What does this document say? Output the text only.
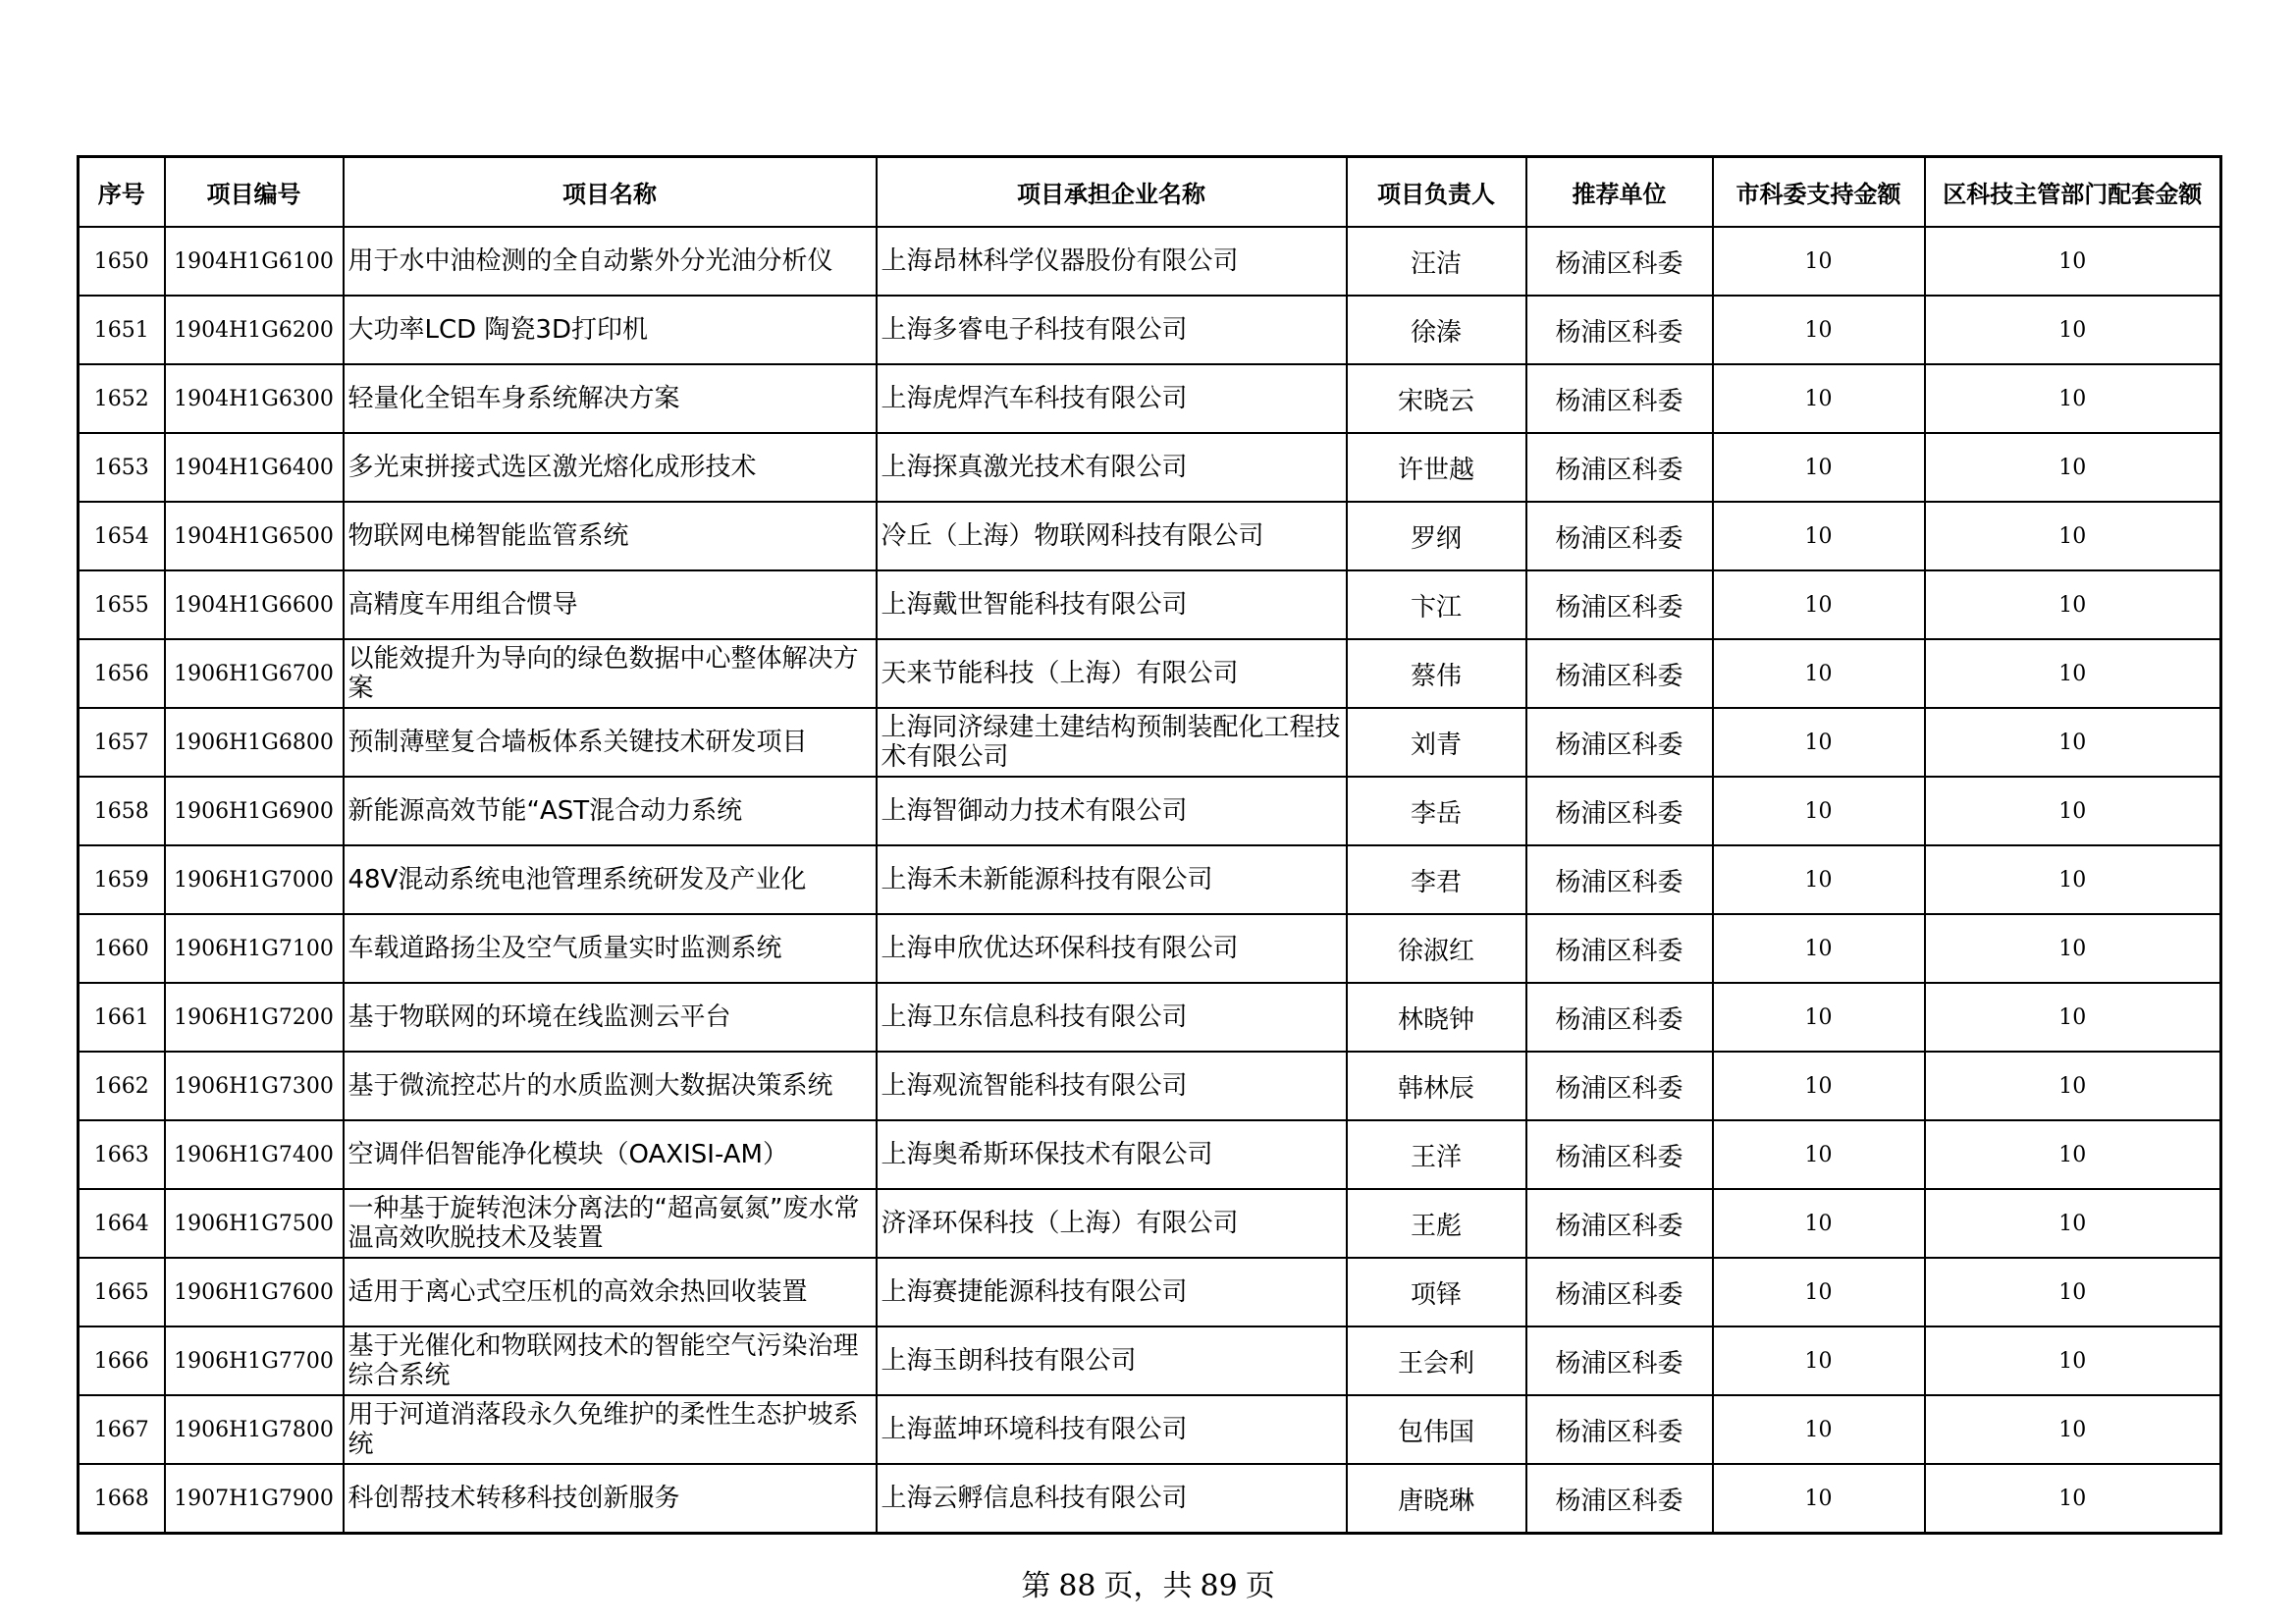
序号	项目编号	项目名称	项目承担企业名称	项目负责人	推荐单位	市科委支持金额	区科技主管部门配套金额
1650	1904H1G6100	用于水中油检测的全自动紫外分光油分析仪	上海昂林科学仪器股份有限公司	汪洁	杨浦区科委	10	10
1651	1904H1G6200	大功率LCD 陶瓷3D打印机	上海多睿电子科技有限公司	徐溱	杨浦区科委	10	10
1652	1904H1G6300	轻量化全铝车身系统解决方案	上海虎焊汽车科技有限公司	宋晓云	杨浦区科委	10	10
1653	1904H1G6400	多光束拼接式选区激光熔化成形技术	上海探真激光技术有限公司	许世越	杨浦区科委	10	10
1654	1904H1G6500	物联网电梯智能监管系统	冷丘（上海）物联网科技有限公司	罗纲	杨浦区科委	10	10
1655	1904H1G6600	高精度车用组合惯导	上海戴世智能科技有限公司	卞江	杨浦区科委	10	10
1656	1906H1G6700	以能效提升为导向的绿色数据中心整体解决方案	天来节能科技（上海）有限公司	蔡伟	杨浦区科委	10	10
1657	1906H1G6800	预制薄壁复合墙板体系关键技术研发项目	上海同济绿建土建结构预制装配化工程技术有限公司	刘青	杨浦区科委	10	10
1658	1906H1G6900	新能源高效节能“AST混合动力系统	上海智御动力技术有限公司	李岳	杨浦区科委	10	10
1659	1906H1G7000	48V混动系统电池管理系统研发及产业化	上海禾未新能源科技有限公司	李君	杨浦区科委	10	10
1660	1906H1G7100	车载道路扬尘及空气质量实时监测系统	上海申欣优达环保科技有限公司	徐淑红	杨浦区科委	10	10
1661	1906H1G7200	基于物联网的环境在线监测云平台	上海卫东信息科技有限公司	林晓钟	杨浦区科委	10	10
1662	1906H1G7300	基于微流控芯片的水质监测大数据决策系统	上海观流智能科技有限公司	韩林辰	杨浦区科委	10	10
1663	1906H1G7400	空调伴侣智能净化模块（OAXISI-AM）	上海奥希斯环保技术有限公司	王洋	杨浦区科委	10	10
1664	1906H1G7500	一种基于旋转泡沫分离法的“超高氨氮”废水常温高效吹脱技术及装置	济泽环保科技（上海）有限公司	王彪	杨浦区科委	10	10
1665	1906H1G7600	适用于离心式空压机的高效余热回收装置	上海赛捷能源科技有限公司	项铎	杨浦区科委	10	10
1666	1906H1G7700	基于光催化和物联网技术的智能空气污染治理综合系统	上海玉朗科技有限公司	王会利	杨浦区科委	10	10
1667	1906H1G7800	用于河道消落段永久免维护的柔性生态护坡系统	上海蓝坤环境科技有限公司	包伟国	杨浦区科委	10	10
1668	1907H1G7900	科创帮技术转移科技创新服务	上海云孵信息科技有限公司	唐晓琳	杨浦区科委	10	10
第 88 页，共 89 页
